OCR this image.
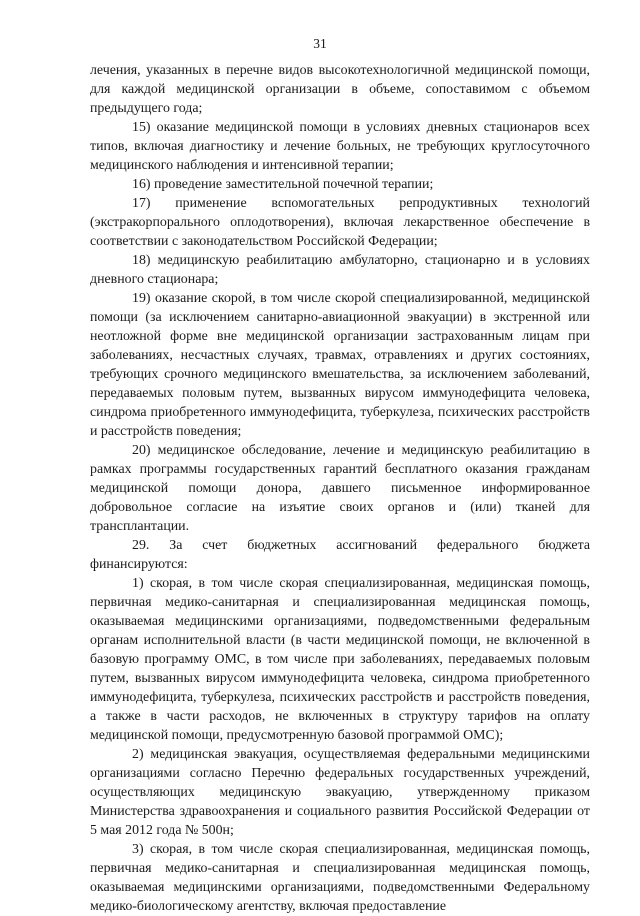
31

лечения, указанных в перечне видов высокотехнологичной медицинской помощи, для каждой медицинской организации в объеме, сопоставимом с объемом предыдущего года;

15) оказание медицинской помощи в условиях дневных стационаров всех типов, включая диагностику и лечение больных, не требующих круглосуточного медицинского наблюдения и интенсивной терапии;

16) проведение заместительной почечной терапии;

17) применение вспомогательных репродуктивных технологий (экстракорпорального оплодотворения), включая лекарственное обеспечение в соответствии с законодательством Российской Федерации;

18) медицинскую реабилитацию амбулаторно, стационарно и в условиях дневного стационара;

19) оказание скорой, в том числе скорой специализированной, медицинской помощи (за исключением санитарно-авиационной эвакуации) в экстренной или неотложной форме вне медицинской организации застрахованным лицам при заболеваниях, несчастных случаях, травмах, отравлениях и других состояниях, требующих срочного медицинского вмешательства, за исключением заболеваний, передаваемых половым путем, вызванных вирусом иммунодефицита человека, синдрома приобретенного иммунодефицита, туберкулеза, психических расстройств и расстройств поведения;

20) медицинское обследование, лечение и медицинскую реабилитацию в рамках программы государственных гарантий бесплатного оказания гражданам медицинской помощи донора, давшего письменное информированное добровольное согласие на изъятие своих органов и (или) тканей для трансплантации.

29. За счет бюджетных ассигнований федерального бюджета финансируются:

1) скорая, в том числе скорая специализированная, медицинская помощь, первичная медико-санитарная и специализированная медицинская помощь, оказываемая медицинскими организациями, подведомственными федеральным органам исполнительной власти (в части медицинской помощи, не включенной в базовую программу ОМС, в том числе при заболеваниях, передаваемых половым путем, вызванных вирусом иммунодефицита человека, синдрома приобретенного иммунодефицита, туберкулеза, психических расстройств и расстройств поведения, а также в части расходов, не включенных в структуру тарифов на оплату медицинской помощи, предусмотренную базовой программой ОМС);

2) медицинская эвакуация, осуществляемая федеральными медицинскими организациями согласно Перечню федеральных государственных учреждений, осуществляющих медицинскую эвакуацию, утвержденному приказом Министерства здравоохранения и социального развития Российской Федерации от 5 мая 2012 года № 500н;

3) скорая, в том числе скорая специализированная, медицинская помощь, первичная медико-санитарная и специализированная медицинская помощь, оказываемая медицинскими организациями, подведомственными Федеральному медико-биологическому агентству, включая предоставление
